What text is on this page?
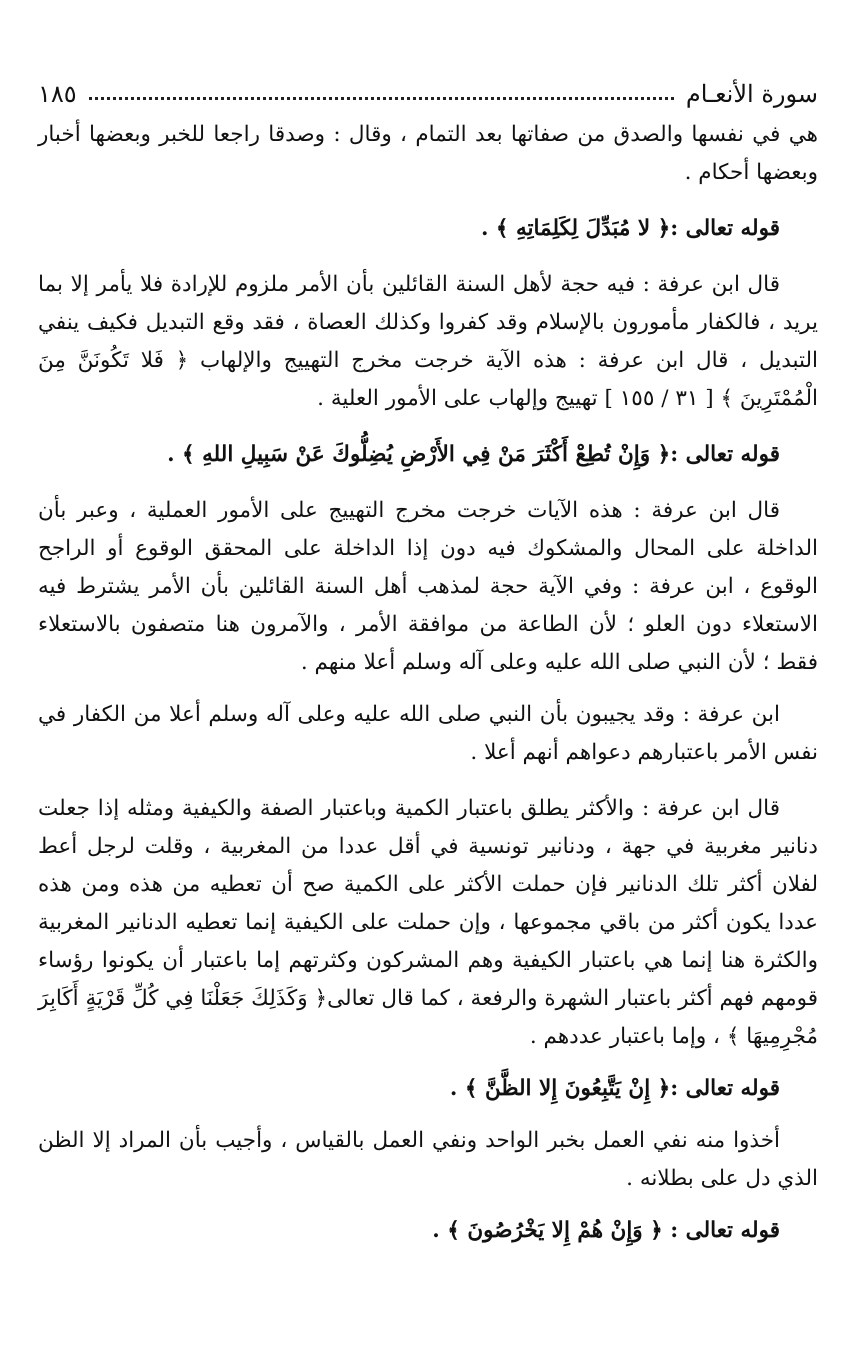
سورة الأنعـام
١٨٥

هي في نفسها والصدق من صفاتها بعد التمام ، وقال : وصدقا راجعا للخبر وبعضها أخبار وبعضها أحكام .

قوله تعالى :﴿ لا مُبَدِّلَ لِكَلِمَاتِهِ ﴾ .

قال ابن عرفة : فيه حجة لأهل السنة القائلين بأن الأمر ملزوم للإرادة فلا يأمر إلا بما يريد ، فالكفار مأمورون بالإسلام وقد كفروا وكذلك العصاة ، فقد وقع التبديل فكيف ينفي التبديل ، قال ابن عرفة : هذه الآية خرجت مخرج التهييج والإلهاب ﴿ فَلا تَكُونَنَّ مِنَ الْمُمْتَرِينَ ﴾ [ ٣١ / ١٥٥ ] تهييج وإلهاب على الأمور العلية .

قوله تعالى :﴿ وَإِنْ تُطِعْ أَكْثَرَ مَنْ فِي الأَرْضِ يُضِلُّوكَ عَنْ سَبِيلِ اللهِ ﴾ .

قال ابن عرفة : هذه الآيات خرجت مخرج التهييج على الأمور العملية ، وعبر بأن الداخلة على المحال والمشكوك فيه دون إذا الداخلة على المحقق الوقوع أو الراجح الوقوع ، ابن عرفة : وفي الآية حجة لمذهب أهل السنة القائلين بأن الأمر يشترط فيه الاستعلاء دون العلو ؛ لأن الطاعة من موافقة الأمر ، والآمرون هنا متصفون بالاستعلاء فقط ؛ لأن النبي صلى الله عليه وعلى آله وسلم أعلا منهم .

ابن عرفة : وقد يجيبون بأن النبي صلى الله عليه وعلى آله وسلم أعلا من الكفار في نفس الأمر باعتبارهم دعواهم أنهم أعلا .

قال ابن عرفة : والأكثر يطلق باعتبار الكمية وباعتبار الصفة والكيفية ومثله إذا جعلت دنانير مغربية في جهة ، ودنانير تونسية في أقل عددا من المغربية ، وقلت لرجل أعط لفلان أكثر تلك الدنانير فإن حملت الأكثر على الكمية صح أن تعطيه من هذه ومن هذه عددا يكون أكثر من باقي مجموعها ، وإن حملت على الكيفية إنما تعطيه الدنانير المغربية والكثرة هنا إنما هي باعتبار الكيفية وهم المشركون وكثرتهم إما باعتبار أن يكونوا رؤساء قومهم فهم أكثر باعتبار الشهرة والرفعة ، كما قال تعالى﴿ وَكَذَلِكَ جَعَلْنَا فِي كُلِّ قَرْيَةٍ أَكَابِرَ مُجْرِمِيهَا ﴾ ، وإما باعتبار عددهم .

قوله تعالى :﴿ إِنْ يَتَّبِعُونَ إِلا الظَّنَّ ﴾ .

أخذوا منه نفي العمل بخبر الواحد ونفي العمل بالقياس ، وأجيب بأن المراد إلا الظن الذي دل على بطلانه .

قوله تعالى : ﴿ وَإِنْ هُمْ إِلا يَخْرُصُونَ ﴾ .
